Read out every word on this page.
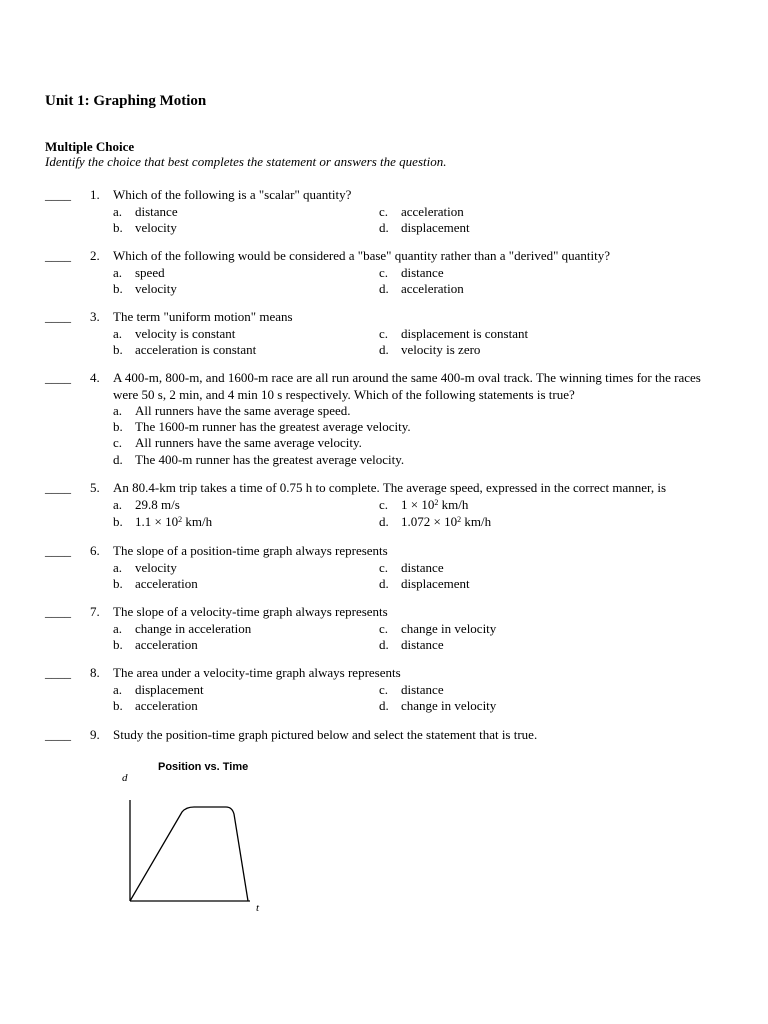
Unit 1: Graphing Motion
Multiple Choice
Identify the choice that best completes the statement or answers the question.
____ 1. Which of the following is a "scalar" quantity?
a. distance
b. velocity
c. acceleration
d. displacement
____ 2. Which of the following would be considered a "base" quantity rather than a "derived" quantity?
a. speed
b. velocity
c. distance
d. acceleration
____ 3. The term "uniform motion" means
a. velocity is constant
b. acceleration is constant
c. displacement is constant
d. velocity is zero
____ 4. A 400-m, 800-m, and 1600-m race are all run around the same 400-m oval track. The winning times for the races were 50 s, 2 min, and 4 min 10 s respectively. Which of the following statements is true?
a. All runners have the same average speed.
b. The 1600-m runner has the greatest average velocity.
c. All runners have the same average velocity.
d. The 400-m runner has the greatest average velocity.
____ 5. An 80.4-km trip takes a time of 0.75 h to complete. The average speed, expressed in the correct manner, is
a. 29.8 m/s
b. $1.1 \times 10^2$ km/h
c. $1 \times 10^2$ km/h
d. $1.072 \times 10^2$ km/h
____ 6. The slope of a position-time graph always represents
a. velocity
b. acceleration
c. distance
d. displacement
____ 7. The slope of a velocity-time graph always represents
a. change in acceleration
b. acceleration
c. change in velocity
d. distance
____ 8. The area under a velocity-time graph always represents
a. displacement
b. acceleration
c. distance
d. change in velocity
____ 9. Study the position-time graph pictured below and select the statement that is true.
Position vs. Time
d
t
